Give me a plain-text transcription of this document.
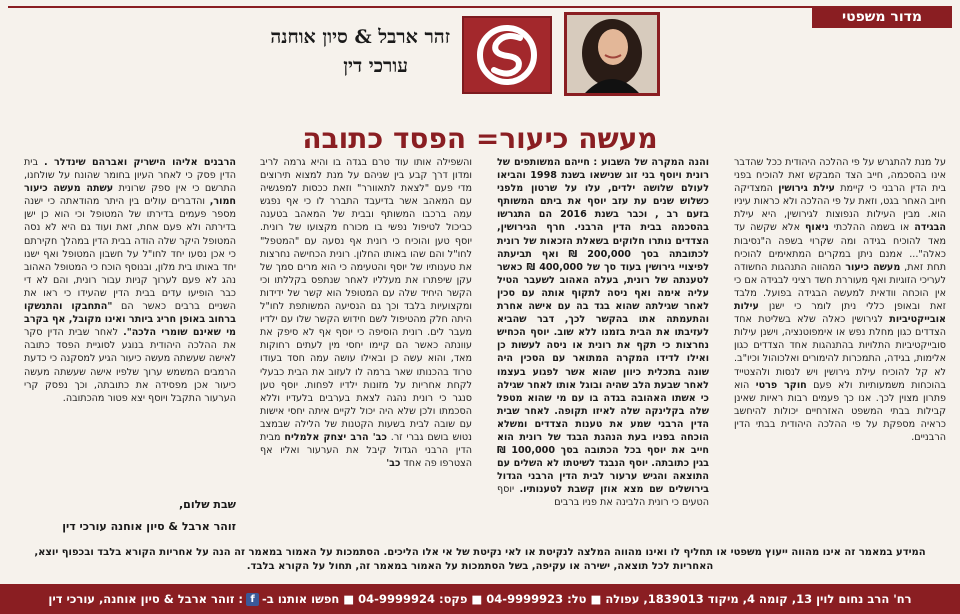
מדור משפטי
זהר ארבל & סיון אוחנה
עורכי דין
מעשה כיעור= הפסד כתובה

על מנת להתגרש על פי ההלכה היהודית ככל שהדבר אינו בהסכמה, חייב הצד המבקש זאת להוכיח בפני בית הדין הרבני כי קיימת עילת גירושין המצדיקה חיוב האחר בגט, וזאת על פי ההלכה ולא כראות עיניו הוא. מבין העילות הנפוצות לגירושין, היא עילת הבגידה או בשמה ההלכתי ניאוף אלא שקשה עד מאד להוכיח בגידה ומה שקרוי בשפה ה"נסיבות כאלה"... אמנם ניתן במקרים המתאימים להוכיח תחת זאת, מעשה כיעור המהווה התנהגות החשודה לעריכי הזוגיות ואף מעוררת חשד רציני לבגידה אם כי אין הוכחה וודאית למעשה הבגידה בפועל. מלבד זאת ובאופן כללי ניתן לומר כי ישנן עילות אובייקטיביות לגירושין כאלה שלא בשליטת אחד הצדדים כגון מחלת נפש או אימפוטנציה, וישנן עילות סובייקטיביות התלויות בהתנהגות אחד הצדדים כגון אלימות, בגידה, התמכרות להימורים ואלכוהול וכיו"ב. לא קל להוכיח עילת גירושין ויש לנסות ולהצטייד בהוכחות משמעותיות ולא פעם חוקר פרטי הוא פתרון מצוין לכך. אנו כך פעמים רבות ראיות שאינן קבילות בבתי המשפט האזרחיים יכולות להיחשב כראיה מספקת על פי ההלכה היהודית בבתי הדין הרבניים.

והנה המקרה של השבוע : חייהם המשותפים של רונית ויוסף בני זוג שנישאו בשנת 1998 והביאו לעולם שלושה ילדים, עלו על שרטון מלפני כשלוש שנים עת עזב יוסף את ביתם המשותף בזעם רב , וכבר בשנת 2016 הם התגרשו בהסכמה בבית הדין הרבני. חרף הגירושין, הצדדים נותרו חלוקים בשאלת הזכאות של רונית לכתובתה בסך 200,000 ₪ ואף תביעתה לפיצויי גירושין בעוד סך של 400,000 ₪ כאשר לטענתה של רונית, בעלה האהוב לשעבר הטיל עליה אימה ואף ניסה לתקוף אותה עם סכין לאחר שגילתה שהוא בגד בה עם אישה אחרת והתעמתה אתו בהקשר לכך, דבר שהביא לעזיבתו את הבית בזמנו ללא שוב. יוסף הכחיש נחרצות כי תקף את רונית או ניסה לעשות כן ואילו לדידו המקרה המתואר עם הסכין היה שונה בתכלית כיוון שהוא אשר לפגוע בעצמו לאחר שבעת הלב שהיה ובוגל אותו לאחר שגילה כי אשתו האהובה בגדה בו עם מי שהוא מטפל שלה בקלינקה שלה לאיזו תקופה. לאחר שבית הדין הרבני שמע את טענות הצדדים ומשלא הוכחה בפניו בעת הנהגת הבגד של רונית הוא חייב את יוסף בכל הכתובה בסך 100,000 ₪ בגין כתובתה. יוסף הנבגד לשיטתו לא השלים עם התוצאה והגיש ערעור לבית הדין הרבני הגדול בירושלים שם מצא אוזן קשבת לטענותיו. יוסף הטעים כי רונית הלבינה את פניו ברבים

והשפילה אותו עוד טרם בגדה בו והיא גרמה לריב ומדון דרך קבע בין שניהם על מנת למצוא תירוצים מדי פעם "לצאת לתאוורר" וזאת ככסות למפגשיה עם המאהב אשר בדיעבד התברר לו כי אף נפגש עמה ברכבו המשותף ובבית של המאהב בטענה כביכול לטיפול נפשי בו מכורח מקצועו של רונית. יוסף טען והוכיח כי רונית אף נסעה עם "המטפל" לחו"ל והם שהו באותו החלון. רונית הכחישה נחרצות את טענותיו של יוסף והטעימה כי הוא מרים סמך של עקן שיפתרו את מעלליו לאחר שנתפס בקללתו וכי הקשר היחיד שלה עם המטופל הוא קשר של ידידות ומקצועיות בלבד וכך גם הנסיעה המשותפת לחו"ל היתה חלק מהטיפול לשם חידוש הקשר שלו עם ילדיו מעבר לים. רונית הוסיפה כי יוסף אף לא סיפק את עוונתה כאשר הם קיימו יחסי מין לעתים רחוקות מאד, והוא עשה כן ובאילו עושה עמה חסד בעודו טרוד בהכנותו שאר ברמה לו לעזוב את הבית כבעלי לקחת אחריות על מזונות ילדיו לפחות. יוסף טען סנגר כי רונית נהגה לצאת בערבים בלעדיו וללא הסכמתו ולכן שלא היה יכול לקיים איתה יחסי אישות עם שובה לבית בשעות הקטנות של הלילה שבמצב נטוש בושם גברי זר. כב' הרב יצחק אלמליח מבית הדין הרבני הגדול קיבל את הערעור ואליו אף הצטרפו פה אחד כב'

הרבנים אליהו הישריק ואברהם שינדלר . בית הדין פסק כי לאחר העיון בחומר שהונח על שולחנו, התרשם כי אין ספק שרונית עשתה מעשה כיעור חמור, והדברים עולים בין היתר מהודאתה כי ישנה מספר פעמים בדירתו של המטופל וכי הוא כן ישן בדירתה ולא פעם אחת, זאת ועוד גם היא לא נסה המטופל היקר שלה הודה בבית הדין במהלך חקירתם כי אכן נסעו יחד לחו"ל על חשבון המטופל ואף ישנו יחד באותו בית מלון, ובנוסף הוכח כי המטופל האהוב נהג לא פעם לערוך קניות עבור רונית, והם לא די כבר הופיעו עדים בבית הדין שהעידו כי ראו את השניים ברבים כאשר הם "התחבקו והתנשקו ברחוב באופן חריג ביותר ואינו מקובל, אף בקרב מי שאינם שומרי הלכה". לאחר שבית הדין סקר את ההלכה היהודית בנוגע לסוגיית הפסד כתובה לאישה שעשתה מעשה כיעור הגיע למסקנה כי כדעת הרמבים המשמש ערוך שלפיו אישה שעשתה מעשה כיעור אכן מפסידה את כתובתה, וכך נפסק קרי הערעור התקבל ויוסף יצא פטור מהכתובה.

שבת שלום,
זוהר ארבל & סיון אוחנה עורכי דין
המידע במאמר זה אינו מהווה ייעוץ משפטי או תחליף לו ואינו מהווה המלצה לנקיטת או לאי נקיטת של אי אלו הליכים. הסתמכות על האמור במאמר זה הנה על אחריות הקורא בלבד ובכפוף יוצא, האחריות לכל תוצאה, ישירה או עקיפה, בשל הסתמכות על האמור במאמר זה, תחול על הקורא בלבד.
רח' הרב נחום לוין 13, קומה 4, מיקוד 1839013, עפולה ■ טל: 04-9999923 ■ פקס: 04-9999924 ■ חפשו אותנו ב-f: זוהר ארבל & סיון אוחנה, עורכי דין
